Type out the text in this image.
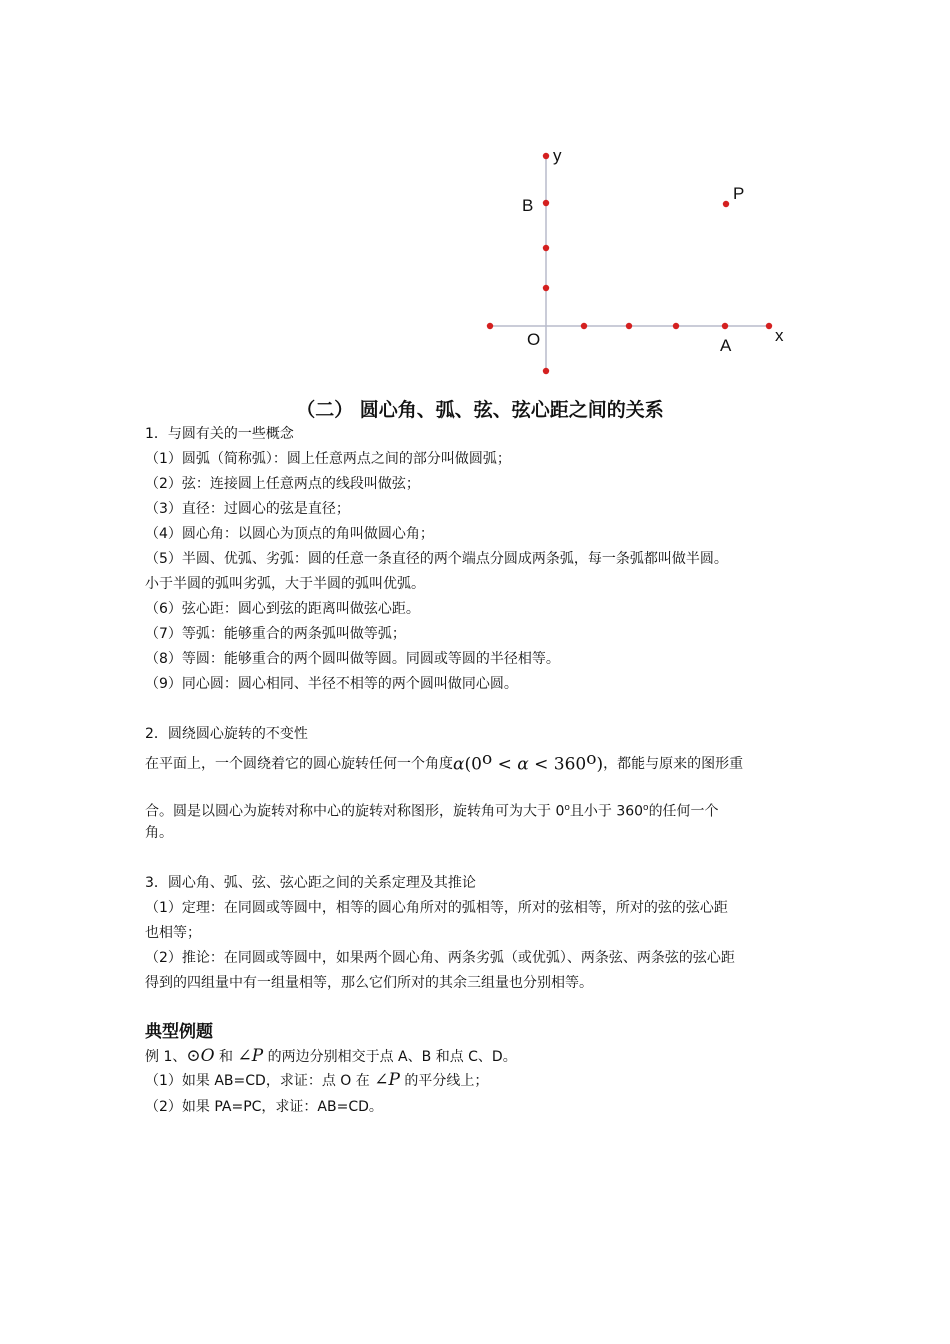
y
B
P
O	A
x
（二） 圆心角、弧、弦、弦心距之间的关系
1．与圆有关的一些概念
（1）圆弧（简称弧）：圆上任意两点之间的部分叫做圆弧；
（2）弦：连接圆上任意两点的线段叫做弦；
（3）直径：过圆心的弦是直径；
（4）圆心角：以圆心为顶点的角叫做圆心角；
（5）半圆、优弧、劣弧：圆的任意一条直径的两个端点分圆成两条弧，每一条弧都叫做半圆。
小于半圆的弧叫劣弧，大于半圆的弧叫优弧。
（6）弦心距：圆心到弦的距离叫做弦心距。
（7）等弧：能够重合的两条弧叫做等弧；
（8）等圆：能够重合的两个圆叫做等圆。同圆或等圆的半径相等。
（9）同心圆：圆心相同、半径不相等的两个圆叫做同心圆。
2．圆绕圆心旋转的不变性
在平面上，一个圆绕着它的圆心旋转任何一个角度$\alpha(0^o < \alpha < 360^o)$，都能与原来的图形重
合。圆是以圆心为旋转对称中心的旋转对称图形，旋转角可为大于 0$^o$且小于 360$^o$的任何一个
角。
3．圆心角、弧、弦、弦心距之间的关系定理及其推论
（1）定理：在同圆或等圆中，相等的圆心角所对的弧相等，所对的弦相等，所对的弦的弦心距
也相等；
（2）推论：在同圆或等圆中，如果两个圆心角、两条劣弧（或优弧）、两条弦、两条弦的弦心距
得到的四组量中有一组量相等，那么它们所对的其余三组量也分别相等。
典型例题
例 1、⊙O 和 ∠P 的两边分别相交于点 A、B 和点 C、D。
（1）如果 AB=CD，求证：点 O 在 ∠P 的平分线上；
（2）如果 PA=PC，求证：AB=CD。
